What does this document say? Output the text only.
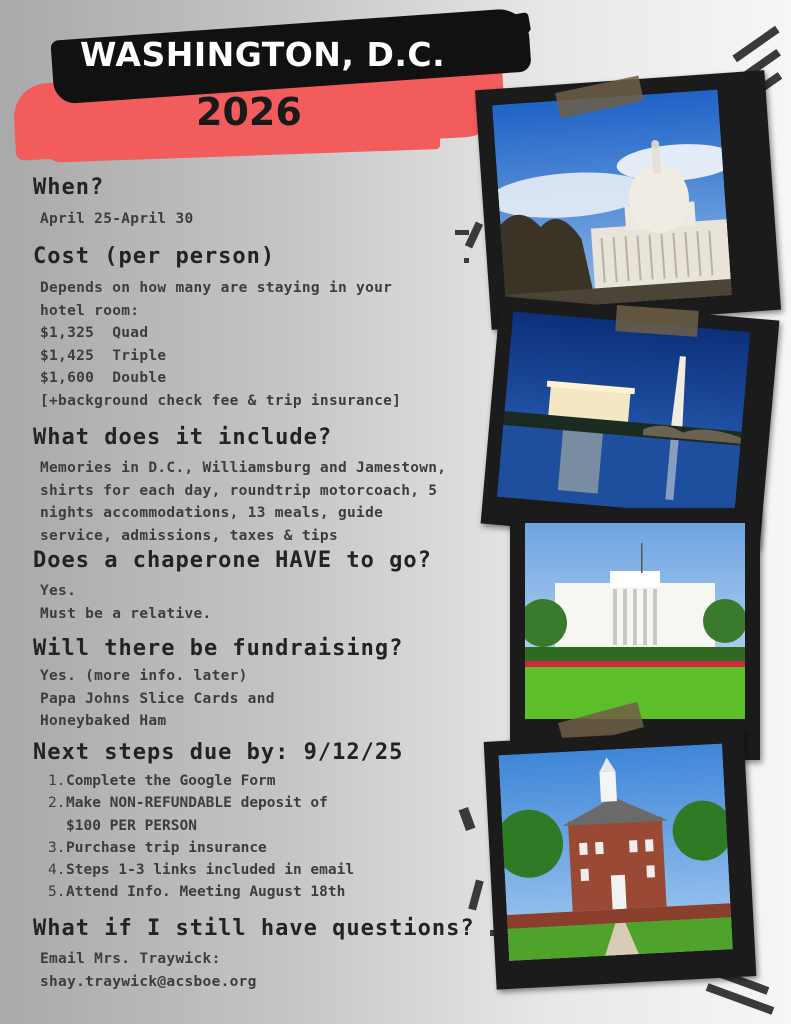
WASHINGTON, D.C.
2026
When?
April 25-April 30
Cost (per person)
Depends on how many are staying in your
hotel room:
$1,325  Quad
$1,425  Triple
$1,600  Double
[+background check fee & trip insurance]
What does it include?
Memories in D.C., Williamsburg and Jamestown,
shirts for each day, roundtrip motorcoach, 5
nights accommodations, 13 meals, guide
service, admissions, taxes & tips
Does a chaperone HAVE to go?
Yes.
Must be a relative.
Will there be fundraising?
Yes. (more info. later)
Papa Johns Slice Cards and
Honeybaked Ham
Next steps due by: 9/12/25
1.Complete the Google Form
2.Make NON-REFUNDABLE deposit of
$100 PER PERSON
3.Purchase trip insurance
4.Steps 1-3 links included in email
5.Attend Info. Meeting August 18th
What if I still have questions?
Email Mrs. Traywick:
shay.traywick@acsboe.org
